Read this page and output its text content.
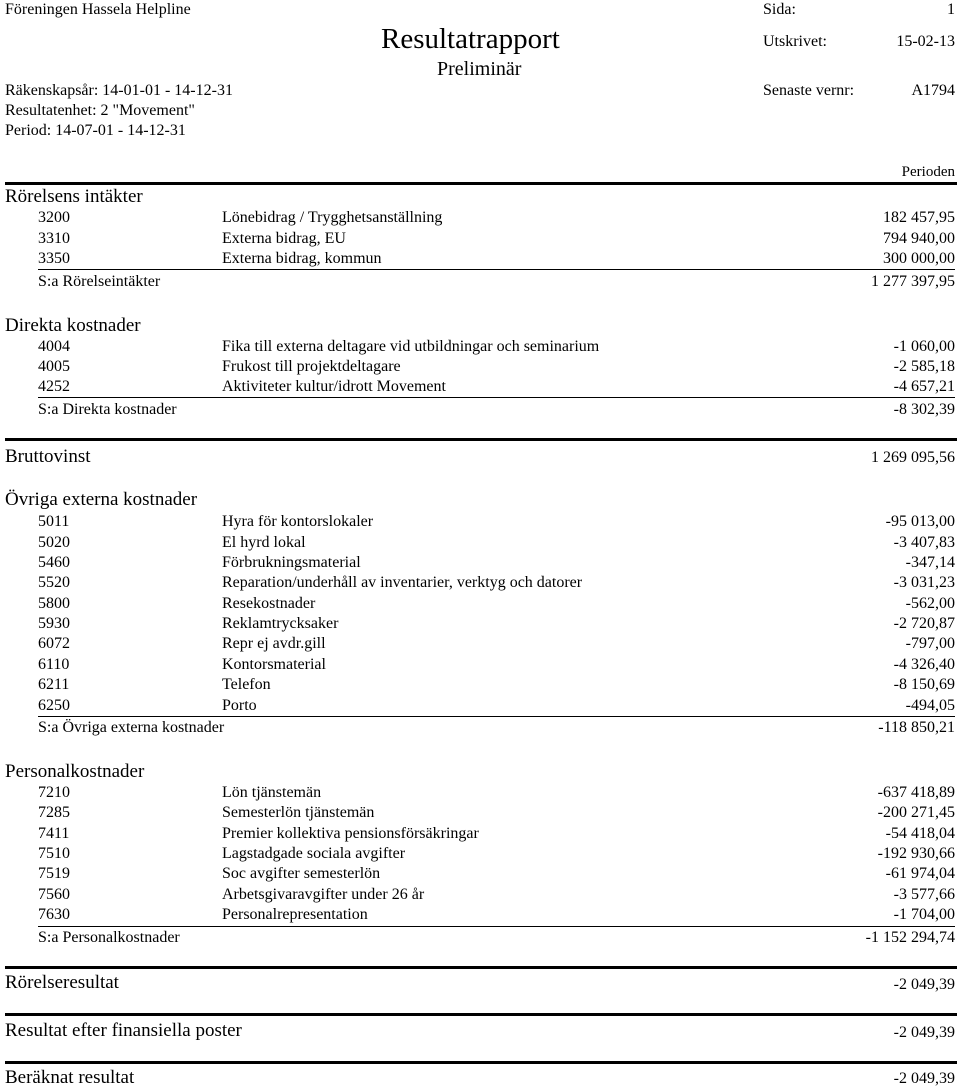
Föreningen Hassela Helpline	Sida:	1
Resultatrapport
Preliminär
Utskrivet:	15-02-13
Räkenskapsår: 14-01-01 - 14-12-31	Senaste vernr:	A1794
Resultatenhet: 2 "Movement"
Period: 14-07-01 - 14-12-31
Perioden
Rörelsens intäkter
3200	Lönebidrag / Trygghetsanställning	182 457,95
3310	Externa bidrag, EU	794 940,00
3350	Externa bidrag, kommun	300 000,00
S:a Rörelseintäkter	1 277 397,95
Direkta kostnader
4004	Fika till externa deltagare vid utbildningar och seminarium	-1 060,00
4005	Frukost till projektdeltagare	-2 585,18
4252	Aktiviteter kultur/idrott Movement	-4 657,21
S:a Direkta kostnader	-8 302,39
Bruttovinst	1 269 095,56
Övriga externa kostnader
5011	Hyra för kontorslokaler	-95 013,00
5020	El hyrd lokal	-3 407,83
5460	Förbrukningsmaterial	-347,14
5520	Reparation/underhåll av inventarier, verktyg och datorer	-3 031,23
5800	Resekostnader	-562,00
5930	Reklamtrycksaker	-2 720,87
6072	Repr ej avdr.gill	-797,00
6110	Kontorsmaterial	-4 326,40
6211	Telefon	-8 150,69
6250	Porto	-494,05
S:a Övriga externa kostnader	-118 850,21
Personalkostnader
7210	Lön tjänstemän	-637 418,89
7285	Semesterlön tjänstemän	-200 271,45
7411	Premier kollektiva pensionsförsäkringar	-54 418,04
7510	Lagstadgade sociala avgifter	-192 930,66
7519	Soc avgifter semesterlön	-61 974,04
7560	Arbetsgivaravgifter under 26 år	-3 577,66
7630	Personalrepresentation	-1 704,00
S:a Personalkostnader	-1 152 294,74
Rörelseresultat	-2 049,39
Resultat efter finansiella poster	-2 049,39
Beräknat resultat	-2 049,39
